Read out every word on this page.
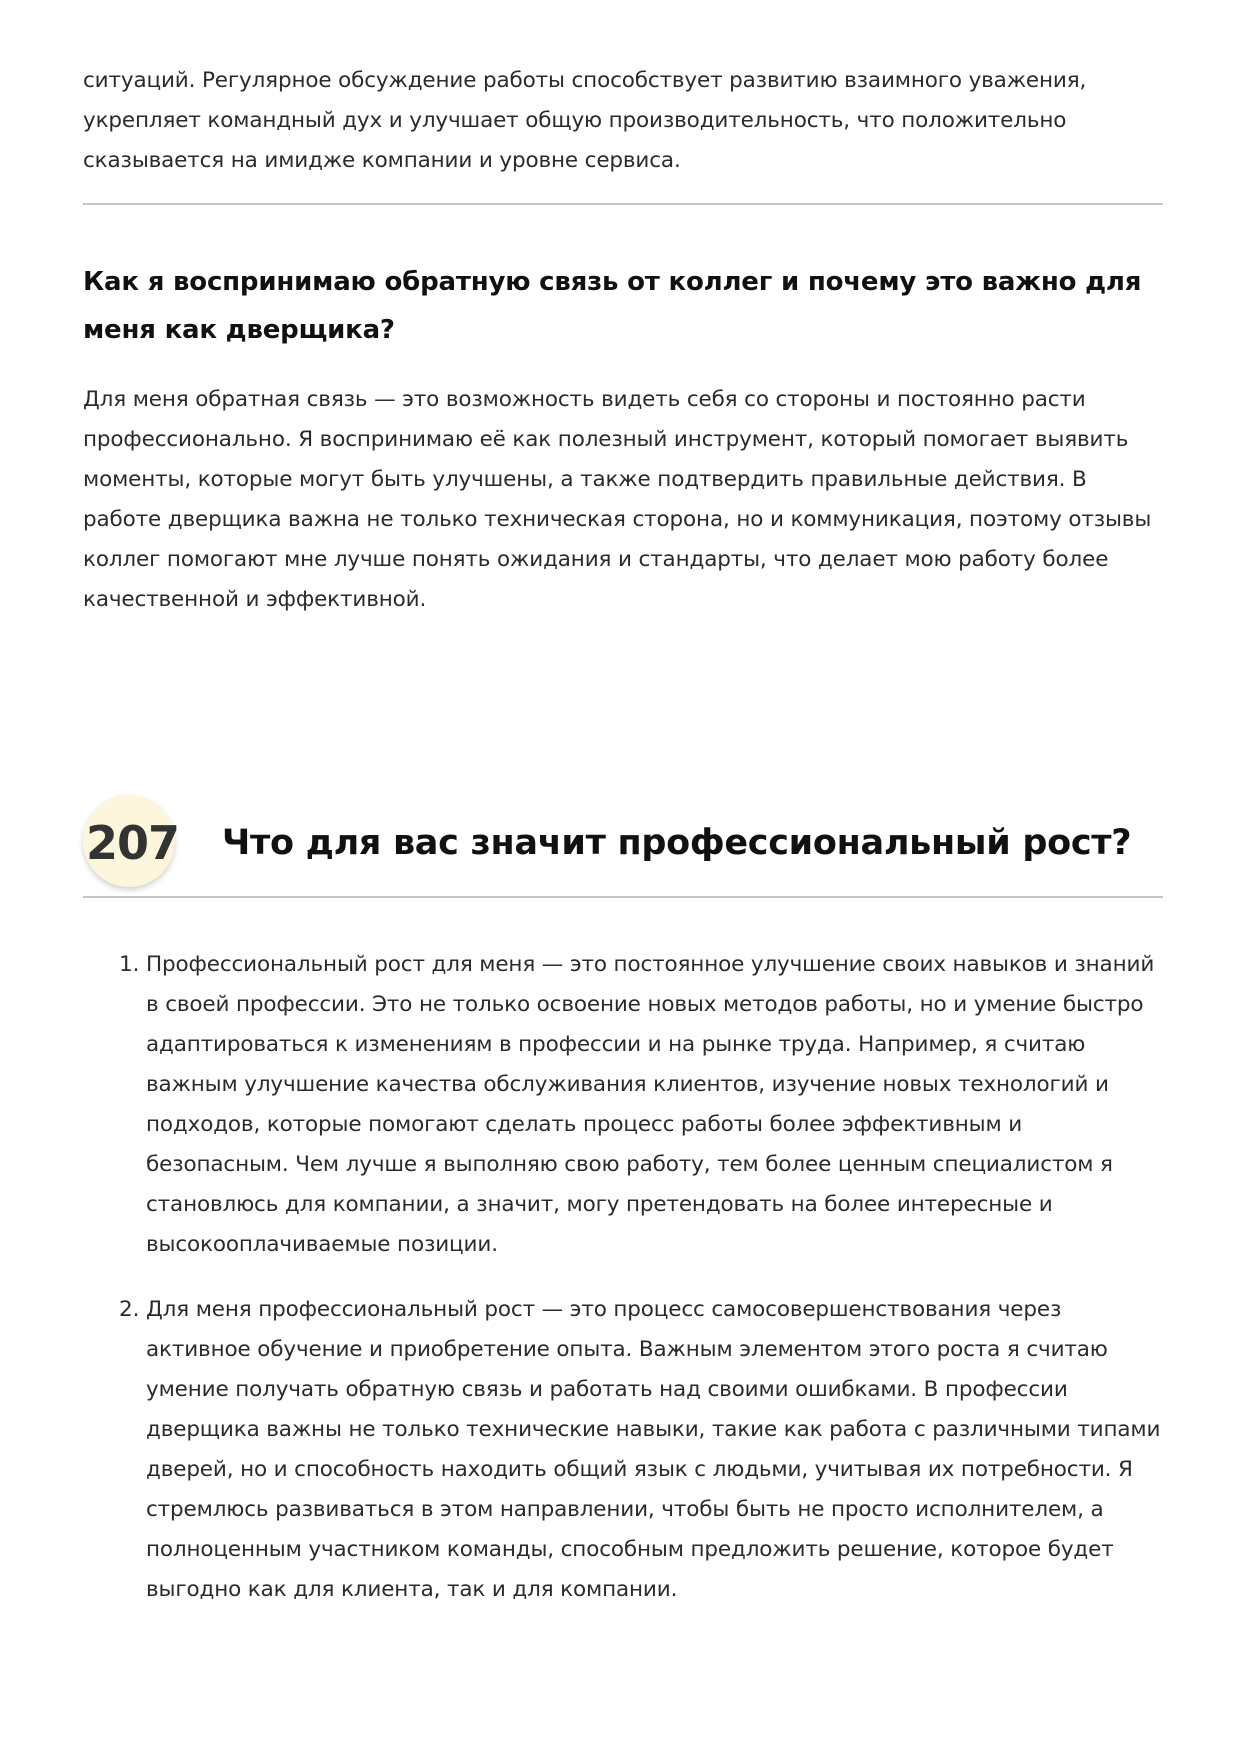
ситуаций. Регулярное обсуждение работы способствует развитию взаимного уважения, укрепляет командный дух и улучшает общую производительность, что положительно сказывается на имидже компании и уровне сервиса.

Как я воспринимаю обратную связь от коллег и почему это важно для меня как дверщика?

Для меня обратная связь — это возможность видеть себя со стороны и постоянно расти профессионально. Я воспринимаю её как полезный инструмент, который помогает выявить моменты, которые могут быть улучшены, а также подтвердить правильные действия. В работе дверщика важна не только техническая сторона, но и коммуникация, поэтому отзывы коллег помогают мне лучше понять ожидания и стандарты, что делает мою работу более качественной и эффективной.

207 Что для вас значит профессиональный рост?
1. Профессиональный рост для меня — это постоянное улучшение своих навыков и знаний в своей профессии. Это не только освоение новых методов работы, но и умение быстро адаптироваться к изменениям в профессии и на рынке труда. Например, я считаю важным улучшение качества обслуживания клиентов, изучение новых технологий и подходов, которые помогают сделать процесс работы более эффективным и безопасным. Чем лучше я выполняю свою работу, тем более ценным специалистом я становлюсь для компании, а значит, могу претендовать на более интересные и высокооплачиваемые позиции.

2. Для меня профессиональный рост — это процесс самосовершенствования через активное обучение и приобретение опыта. Важным элементом этого роста я считаю умение получать обратную связь и работать над своими ошибками. В профессии дверщика важны не только технические навыки, такие как работа с различными типами дверей, но и способность находить общий язык с людьми, учитывая их потребности. Я стремлюсь развиваться в этом направлении, чтобы быть не просто исполнителем, а полноценным участником команды, способным предложить решение, которое будет выгодно как для клиента, так и для компании.
